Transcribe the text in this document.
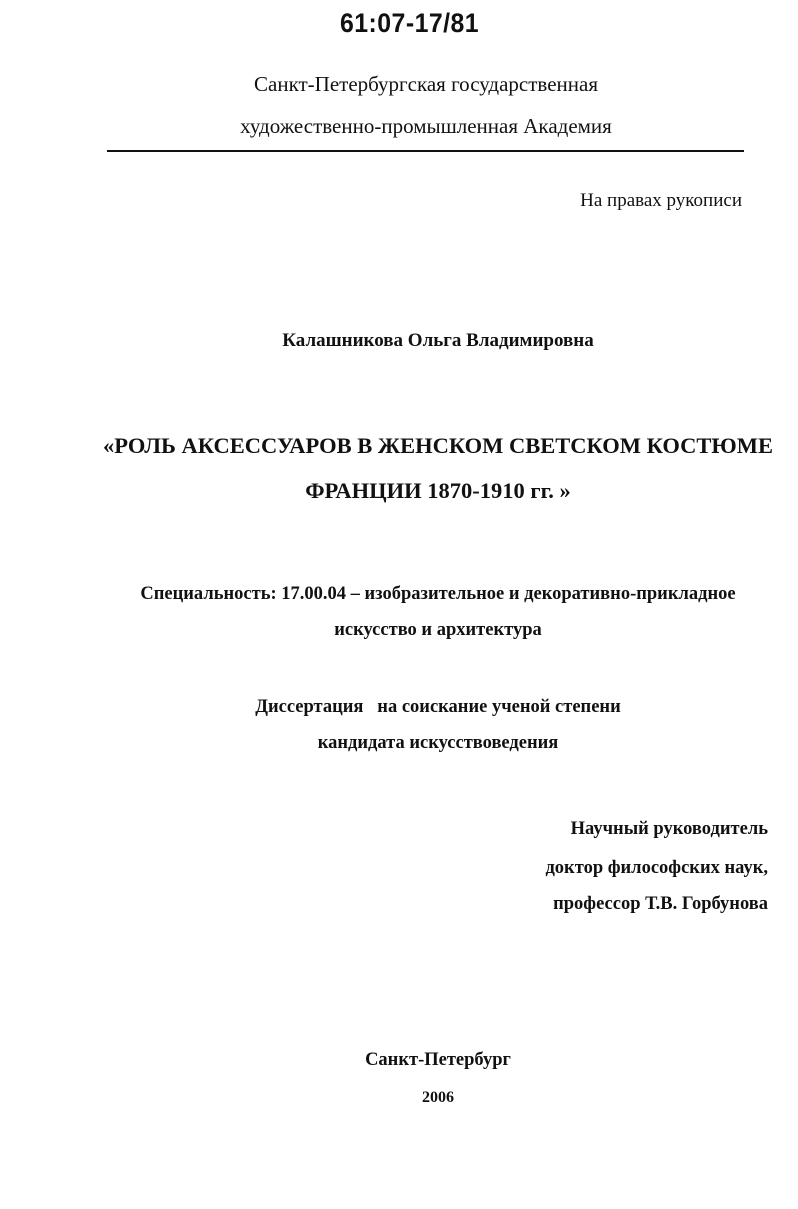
61:07-17/81
Санкт-Петербургская государственная
художественно-промышленная Академия
На правах рукописи
Калашникова Ольга Владимировна
«РОЛЬ АКСЕССУАРОВ В ЖЕНСКОМ СВЕТСКОМ КОСТЮМЕ
ФРАНЦИИ 1870-1910 гг. »
Специальность: 17.00.04 – изобразительное и декоративно-прикладное
искусство и архитектура
Диссертация   на соискание ученой степени
кандидата искусствоведения
Научный руководитель
доктор философских наук,
профессор Т.В. Горбунова
Санкт-Петербург
2006
